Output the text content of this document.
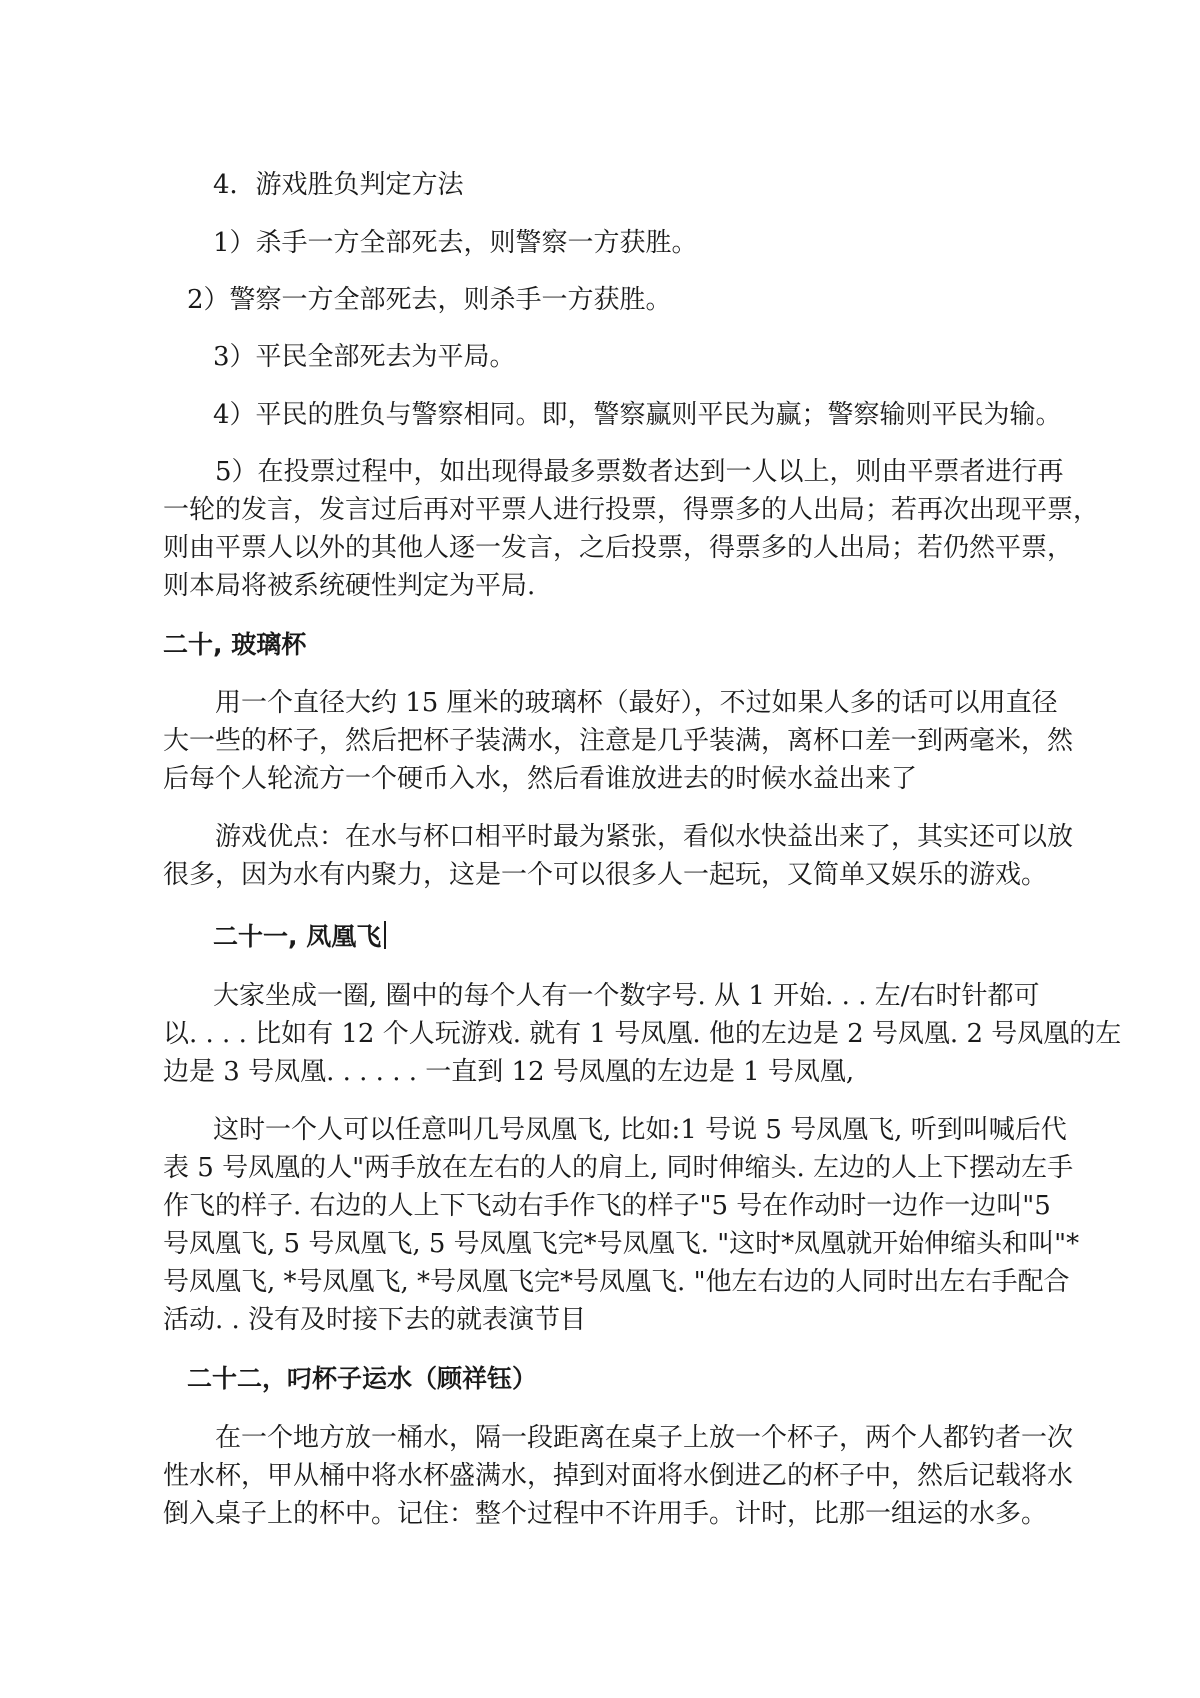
4．游戏胜负判定方法

1）杀手一方全部死去，则警察一方获胜。

2）警察一方全部死去，则杀手一方获胜。

3）平民全部死去为平局。

4）平民的胜负与警察相同。即，警察赢则平民为赢；警察输则平民为输。

　　5）在投票过程中，如出现得最多票数者达到一人以上，则由平票者进行再

一轮的发言，发言过后再对平票人进行投票，得票多的人出局；若再次出现平票，

则由平票人以外的其他人逐一发言，之后投票，得票多的人出局；若仍然平票，

则本局将被系统硬性判定为平局.

二十, 玻璃杯

　　用一个直径大约 15 厘米的玻璃杯（最好），不过如果人多的话可以用直径

大一些的杯子，然后把杯子装满水，注意是几乎装满，离杯口差一到两毫米，然

后每个人轮流方一个硬币入水，然后看谁放进去的时候水益出来了

　　游戏优点：在水与杯口相平时最为紧张，看似水快益出来了，其实还可以放

很多，因为水有内聚力，这是一个可以很多人一起玩，又简单又娱乐的游戏。

二十一, 凤凰飞

大家坐成一圈, 圈中的每个人有一个数字号. 从 1 开始. . . 左/右时针都可

以. . . . 比如有 12 个人玩游戏. 就有 1 号凤凰. 他的左边是 2 号凤凰. 2 号凤凰的左

边是 3 号凤凰. . . . . . 一直到 12 号凤凰的左边是 1 号凤凰,

这时一个人可以任意叫几号凤凰飞, 比如:1 号说 5 号凤凰飞, 听到叫喊后代

表 5 号凤凰的人"两手放在左右的人的肩上, 同时伸缩头. 左边的人上下摆动左手

作飞的样子. 右边的人上下飞动右手作飞的样子"5 号在作动时一边作一边叫"5

号凤凰飞, 5 号凤凰飞, 5 号凤凰飞完*号凤凰飞. "这时*凤凰就开始伸缩头和叫"*

号凤凰飞, *号凤凰飞, *号凤凰飞完*号凤凰飞. "他左右边的人同时出左右手配合

活动. . 没有及时接下去的就表演节目

二十二，叼杯子运水（顾祥钰）

　　在一个地方放一桶水，隔一段距离在桌子上放一个杯子，两个人都钓者一次

性水杯，甲从桶中将水杯盛满水，掉到对面将水倒进乙的杯子中，然后记载将水

倒入桌子上的杯中。记住：整个过程中不许用手。计时，比那一组运的水多。
